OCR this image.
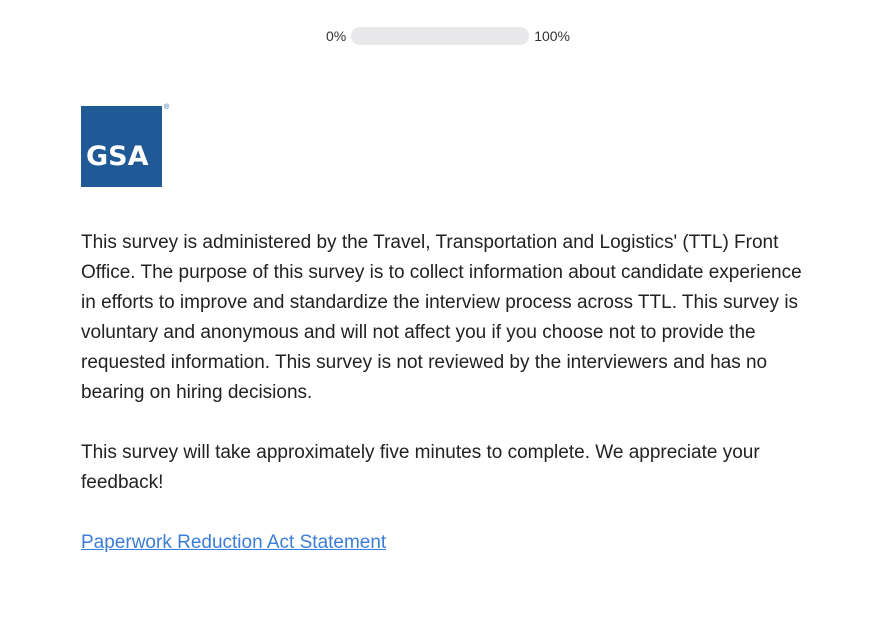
0%	100%
GSA
®

This survey is administered by the Travel, Transportation and Logistics' (TTL) Front Office. The purpose of this survey is to collect information about candidate experience in efforts to improve and standardize the interview process across TTL. This survey is voluntary and anonymous and will not affect you if you choose not to provide the requested information. This survey is not reviewed by the interviewers and has no bearing on hiring decisions.

This survey will take approximately five minutes to complete. We appreciate your feedback!

Paperwork Reduction Act Statement
